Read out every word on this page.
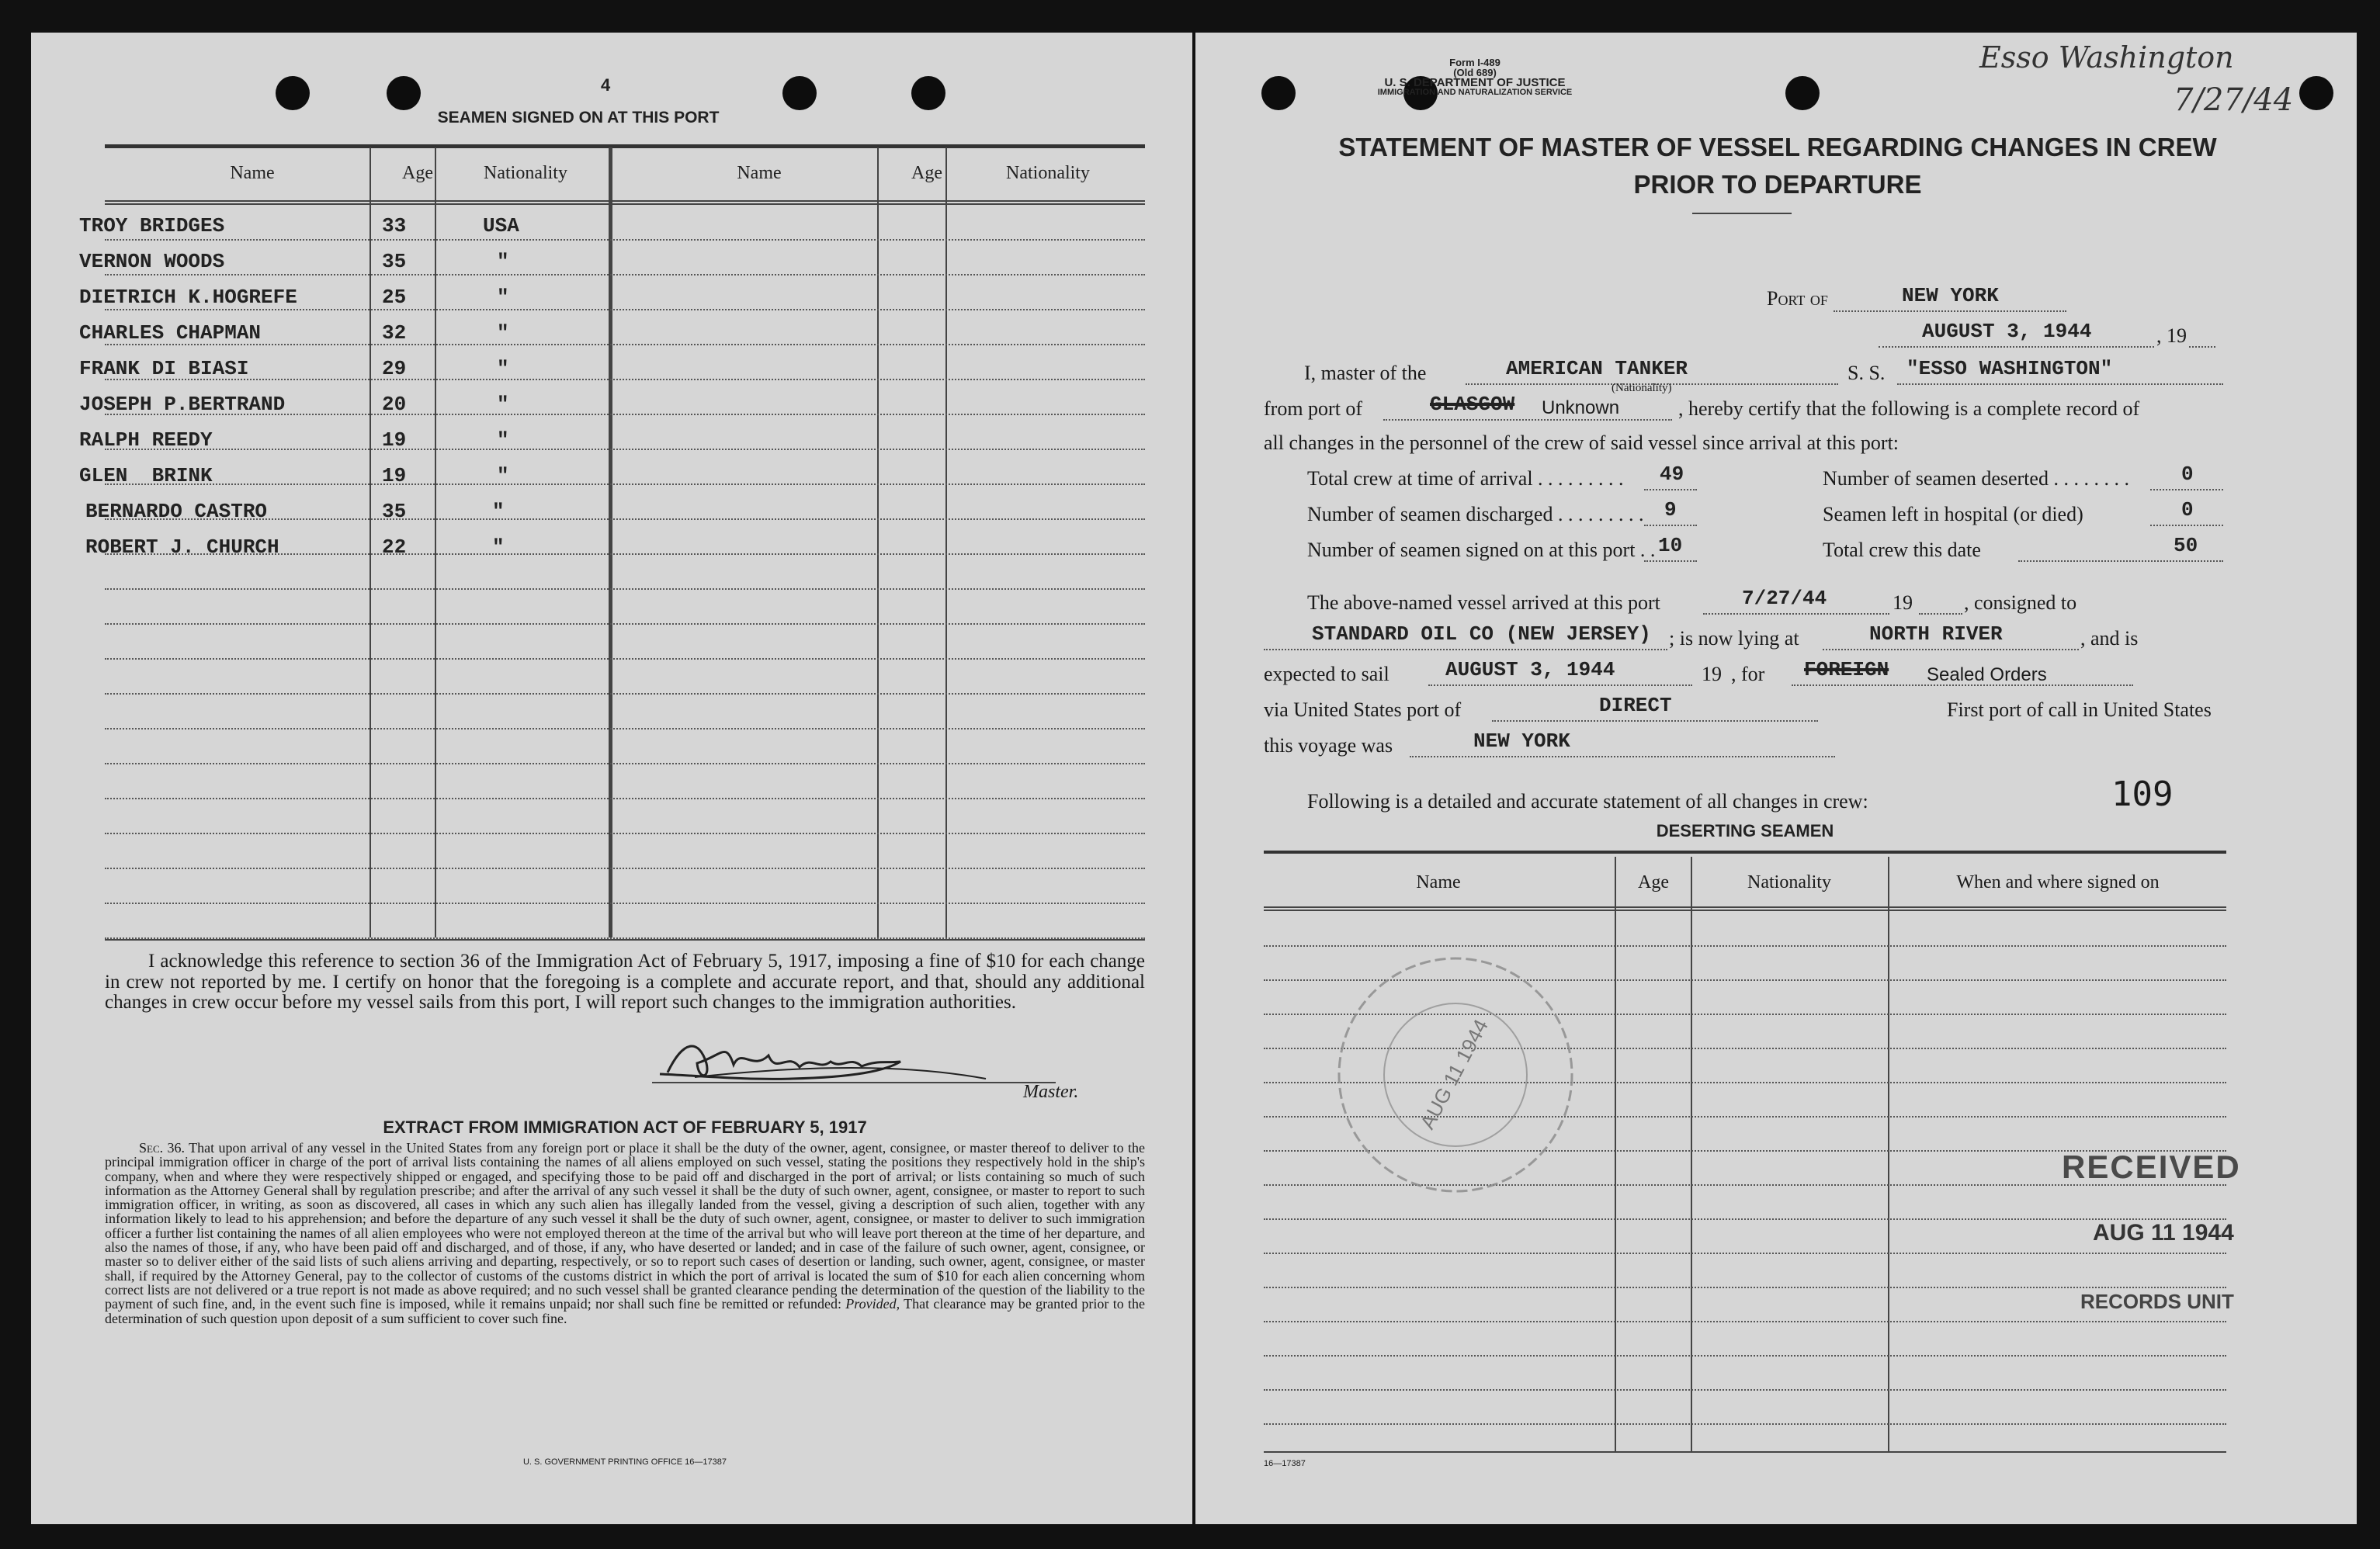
4
SEAMEN SIGNED ON AT THIS PORT
Name	Age	Nationality	Name	Age	Nationality
TROY BRIDGES	33	USA
VERNON WOODS	35	"
DIETRICH K.HOGREFE	25	"
CHARLES CHAPMAN	32	"
FRANK DI BIASI	29	"
JOSEPH P.BERTRAND	20	"
RALPH REEDY	19	"
GLEN  BRINK	19	"
BERNARDO CASTRO	35	"
ROBERT J. CHURCH	22	"
I acknowledge this reference to section 36 of the Immigration Act of February 5, 1917, imposing a fine of $10 for each change in crew not reported by me. I certify on honor that the foregoing is a complete and accurate report, and that, should any additional changes in crew occur before my vessel sails from this port, I will report such changes to the immigration authorities.
Master.
EXTRACT FROM IMMIGRATION ACT OF FEBRUARY 5, 1917
Sec. 36. That upon arrival of any vessel in the United States from any foreign port or place it shall be the duty of the owner, agent, consignee, or master thereof to deliver to the principal immigration officer in charge of the port of arrival lists containing the names of all aliens employed on such vessel, stating the positions they respectively hold in the ship's company, when and where they were respectively shipped or engaged, and specifying those to be paid off and discharged in the port of arrival; or lists containing so much of such information as the Attorney General shall by regulation prescribe; and after the arrival of any such vessel it shall be the duty of such owner, agent, consignee, or master to report to such immigration officer, in writing, as soon as discovered, all cases in which any such alien has illegally landed from the vessel, giving a description of such alien, together with any information likely to lead to his apprehension; and before the departure of any such vessel it shall be the duty of such owner, agent, consignee, or master to deliver to such immigration officer a further list containing the names of all alien employees who were not employed thereon at the time of the arrival but who will leave port thereon at the time of her departure, and also the names of those, if any, who have been paid off and discharged, and of those, if any, who have deserted or landed; and in case of the failure of such owner, agent, consignee, or master so to deliver either of the said lists of such aliens arriving and departing, respectively, or so to report such cases of desertion or landing, such owner, agent, consignee, or master shall, if required by the Attorney General, pay to the collector of customs of the customs district in which the port of arrival is located the sum of $10 for each alien concerning whom correct lists are not delivered or a true report is not made as above required; and no such vessel shall be granted clearance pending the determination of the question of the liability to the payment of such fine, and, in the event such fine is imposed, while it remains unpaid; nor shall such fine be remitted or refunded: Provided, That clearance may be granted prior to the determination of such question upon deposit of a sum sufficient to cover such fine.
U. S. GOVERNMENT PRINTING OFFICE 16—17387
Form I-489
(Old 689)
U. S. DEPARTMENT OF JUSTICE
IMMIGRATION AND NATURALIZATION SERVICE
Esso Washington
7/27/44
STATEMENT OF MASTER OF VESSEL REGARDING CHANGES IN CREW
PRIOR TO DEPARTURE
Port of	NEW YORK
AUGUST 3, 1944	, 19
I, master of the	AMERICAN TANKER
(Nationality)
S. S. "ESSO WASHINGTON"
from port of	GLASGOW Unknown	, hereby certify that the following is a complete record of
all changes in the personnel of the crew of said vessel since arrival at this port:
Total crew at time of arrival . . . . . . . . . 49
Number of seamen discharged . . . . . . . . . 9
Number of seamen signed on at this port . . 10
Number of seamen deserted . . . . . . . .	0
Seamen left in hospital (or died)	0
Total crew this date	50
The above-named vessel arrived at this port	7/27/44	19	, consigned to
STANDARD OIL CO (NEW JERSEY) ; is now lying at	NORTH RIVER	, and is
expected to sail	AUGUST 3, 1944	19 , for FOREIGN Sealed Orders
via United States port of	DIRECT	First port of call in United States
this voyage was	NEW YORK
Following is a detailed and accurate statement of all changes in crew:	109
DESERTING SEAMEN
Name	Age	Nationality	When and where signed on
16—17387
AUG 11 1944
RECEIVED
AUG 11 1944
RECORDS UNIT
